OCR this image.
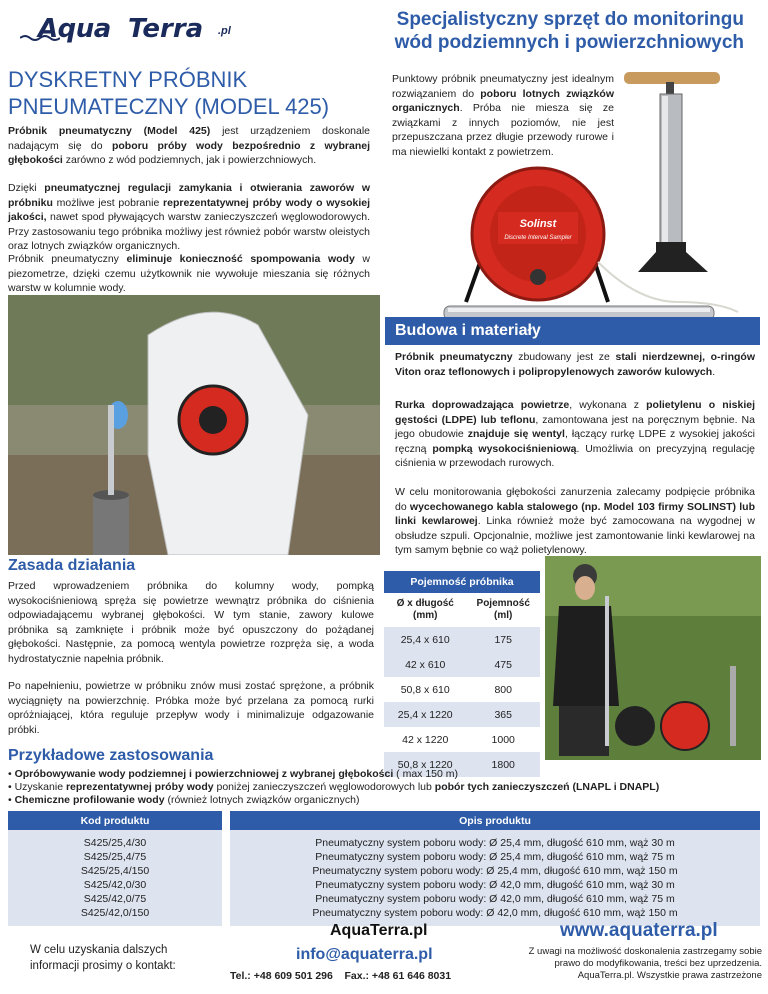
Aqua Terra .pl
Specjalistyczny sprzęt do monitoringu
wód podziemnych i powierzchniowych
DYSKRETNY PRÓBNIK
PNEUMATECZNY (MODEL 425)

Próbnik pneumatyczny (Model 425) jest urządzeniem doskonale nadającym się do poboru próby wody bezpośrednio z wybranej głębokości zarówno z wód podziemnych, jak i powierzchniowych.

Punktowy próbnik pneumatyczny jest idealnym rozwiązaniem do poboru lotnych związków organicznych. Próba nie miesza się ze związkami z innych poziomów, nie jest przepuszczana przez długie przewody rurowe i ma niewielki kontakt z powietrzem.

Dzięki pneumatycznej regulacji zamykania i otwierania zaworów w próbniku możliwe jest pobranie reprezentatywnej próby wody o wysokiej jakości, nawet spod pływających warstw zanieczyszczeń węglowodorowych. Przy zastosowaniu tego próbnika możliwy jest również pobór warstw oleistych oraz lotnych związków organicznych.

Próbnik pneumatyczny eliminuje konieczność spompowania wody w piezometrze, dzięki czemu użytkownik nie wywołuje mieszania się różnych warstw w kolumnie wody.

Solinst
Discrete Interval Sampler
Budowa i materiały

Próbnik pneumatyczny zbudowany jest ze stali nierdzewnej, o-ringów Viton oraz teflonowych i polipropylenowych zaworów kulowych.

Rurka doprowadzająca powietrze, wykonana z polietylenu o niskiej gęstości (LDPE) lub teflonu, zamontowana jest na poręcznym bębnie. Na jego obudowie znajduje się wentyl, łączący rurkę LDPE z wysokiej jakości ręczną pompką wysokociśnieniową. Umożliwia on precyzyjną regulację ciśnienia w przewodach rurowych.

W celu monitorowania głębokości zanurzenia zalecamy podpięcie próbnika do wycechowanego kabla stalowego (np. Model 103 firmy SOLINST) lub linki kewlarowej. Linka również może być zamocowana na wygodnej w obsłudze szpuli. Opcjonalnie, możliwe jest zamontowanie linki kewlarowej na tym samym bębnie co wąż polietylenowy.

Zasada działania

Przed wprowadzeniem próbnika do kolumny wody, pompką wysokociśnieniową spręża się powietrze wewnątrz próbnika do ciśnienia odpowiadającemu wybranej głębokości. W tym stanie, zawory kulowe próbnika są zamknięte i próbnik może być opuszczony do pożądanej głębokości. Następnie, za pomocą wentyla powietrze rozpręża się, a woda hydrostatycznie napełnia próbnik.

Po napełnieniu, powietrze w próbniku znów musi zostać sprężone, a próbnik wyciągnięty na powierzchnię. Próbka może być przelana za pomocą rurki opróżniającej, która reguluje przepływ wody i minimalizuje odgazowanie próbki.

Pojemność próbnika	
Ø x długość (mm)	Pojemność (ml)
25,4 x 610	175
42 x 610	475
50,8 x 610	800
25,4 x 1220	365
42 x 1220	1000
50,8 x 1220	1800
Przykładowe zastosowania
• Opróbowywanie wody podziemnej i powierzchniowej z wybranej głębokości ( max 150 m)
• Uzyskanie reprezentatywnej próby wody poniżej zanieczyszczeń węglowodorowych lub pobór tych zanieczyszczeń (LNAPL i DNAPL)
• Chemiczne profilowanie wody (również lotnych związków organicznych)
Kod produktu		Opis produktu

S425/25,4/30		Pneumatyczny system poboru wody: Ø 25,4 mm, długość 610 mm, wąż 30 m
S425/25,4/75		Pneumatyczny system poboru wody: Ø 25,4 mm, długość 610 mm, wąż 75 m
S425/25,4/150		Pneumatyczny system poboru wody: Ø 25,4 mm, długość 610 mm, wąż 150 m
S425/42,0/30		Pneumatyczny system poboru wody: Ø 42,0 mm, długość 610 mm, wąż 30 m
S425/42,0/75		Pneumatyczny system poboru wody: Ø 42,0 mm, długość 610 mm, wąż 75 m
S425/42,0/150		Pneumatyczny system poboru wody: Ø 42,0 mm, długość 610 mm, wąż 150 m

W celu uzyskania dalszych
informacji prosimy o kontakt:
AquaTerra.pl
info@aquaterra.pl
Tel.: +48 609 501 296    Fax.: +48 61 646 8031
www.aquaterra.pl
Z uwagi na możliwość doskonalenia zastrzegamy sobie
prawo do modyfikowania, treści bez uprzedzenia.
AquaTerra.pl. Wszystkie prawa zastrzeżone
